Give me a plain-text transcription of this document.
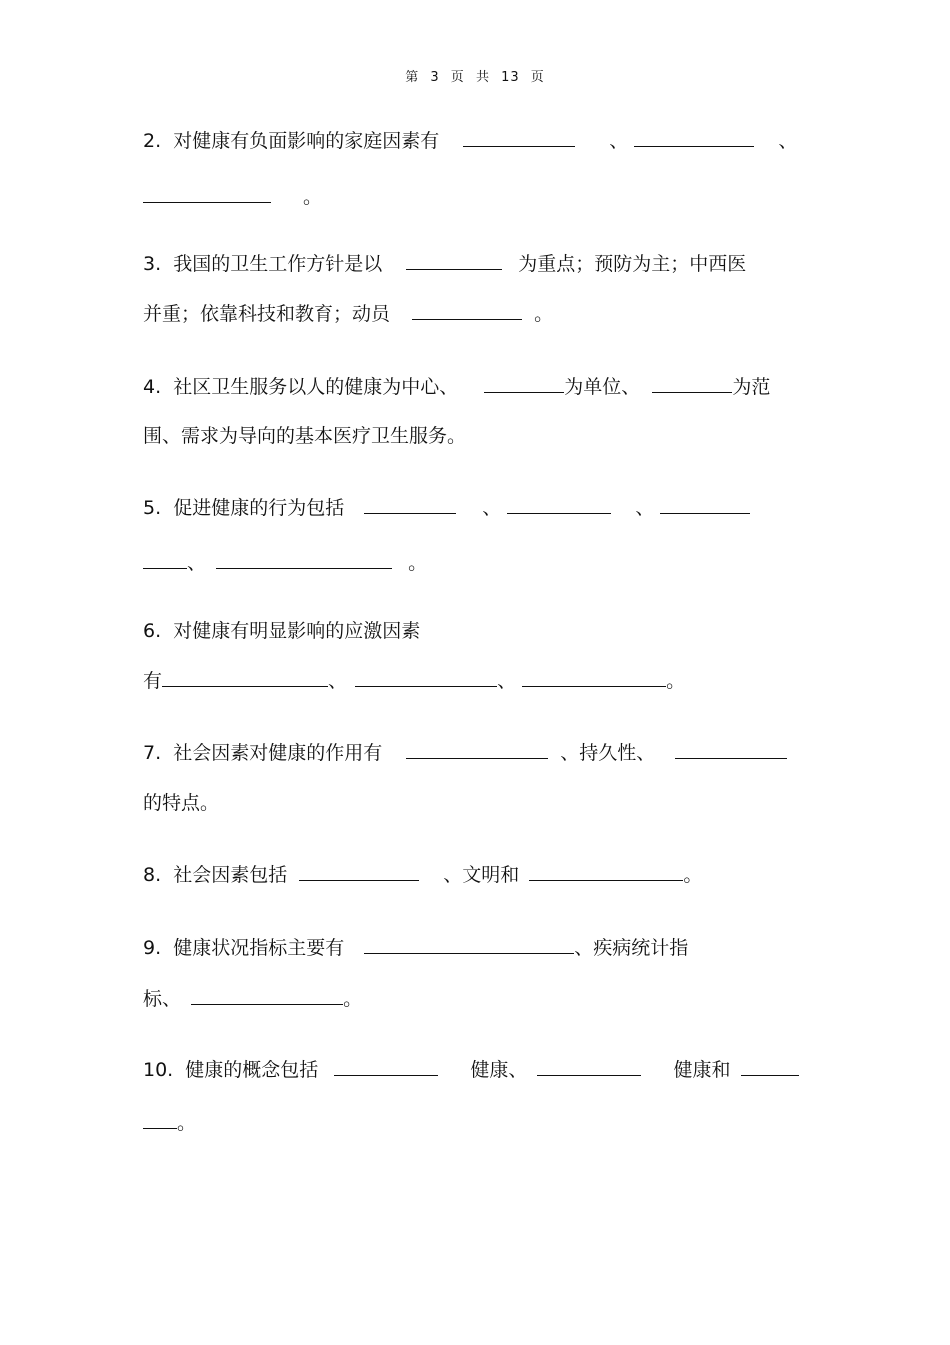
第 3 页 共 13 页
2. 对健康有负面影响的家庭因素有	、	、
。
3. 我国的卫生工作方针是以	为重点；预防为主；中西医
并重；依靠科技和教育；动员	。
4. 社区卫生服务以人的健康为中心、	为单位、	为范
围、需求为导向的基本医疗卫生服务。
5. 促进健康的行为包括	、	、
、	。
6. 对健康有明显影响的应激因素
有	、	、	。
7. 社会因素对健康的作用有	、持久性、
的特点。
8. 社会因素包括	、文明和	。
9. 健康状况指标主要有	、疾病统计指
标、	。
10. 健康的概念包括	健康、	健康和
。
